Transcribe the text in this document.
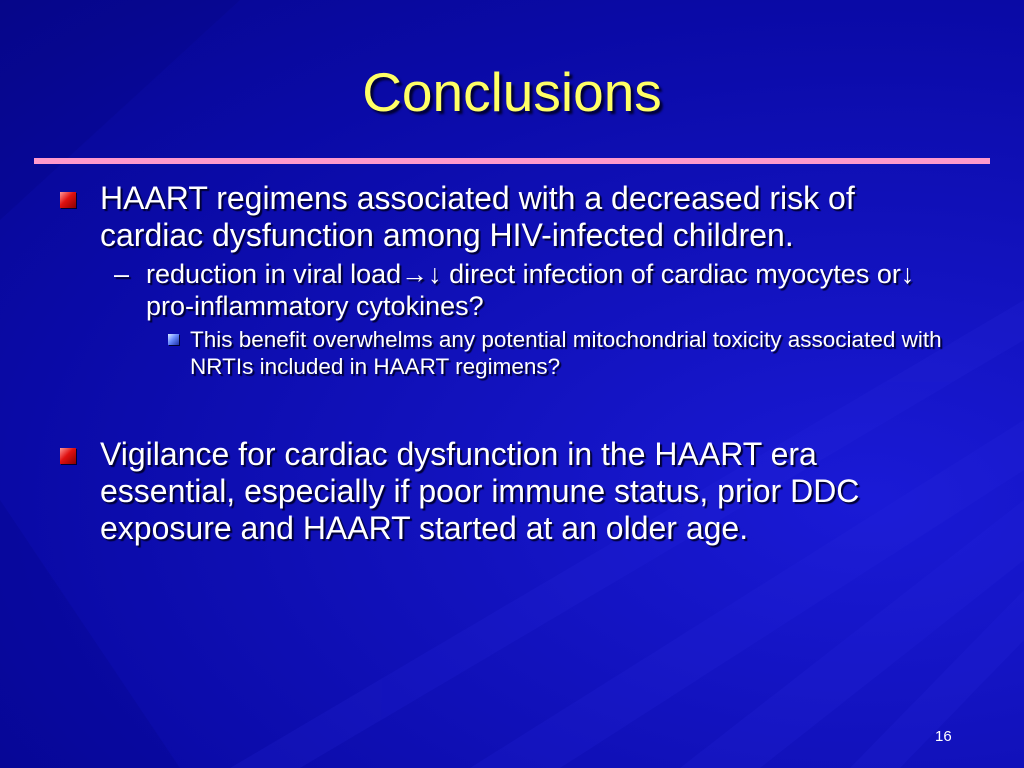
Conclusions

HAART regimens associated with a decreased risk of cardiac dysfunction among HIV-infected children.

– reduction in viral load→↓ direct infection of cardiac myocytes or↓ pro-inflammatory cytokines?

This benefit overwhelms any potential mitochondrial toxicity associated with NRTIs included in HAART regimens?

Vigilance for cardiac dysfunction in the HAART era essential, especially if poor immune status, prior DDC exposure and HAART started at an older age.

16
